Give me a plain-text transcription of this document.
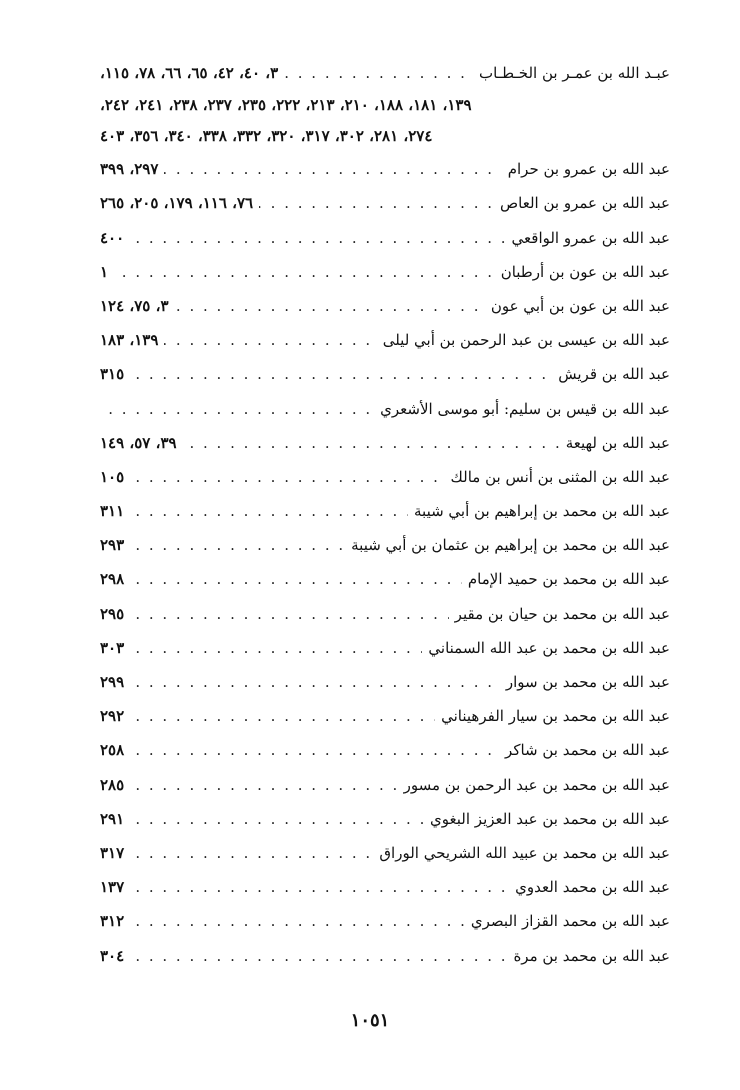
. . .
عبـد الله بن عمـر بن الخـطـاب
٣، ٤٠، ٤٢، ٦٥، ٦٦، ٧٨، ١١٥،
١٣٩، ١٨١، ١٨٨، ٢١٠، ٢١٣، ٢٢٢، ٢٣٥، ٢٣٧، ٢٣٨، ٢٤١، ٢٤٢،
٢٧٤، ٢٨١، ٣٠٢، ٣١٧، ٣٢٠، ٣٣٢، ٣٣٨، ٣٤٠، ٣٥٦، ٤٠٣
. . .
عبد الله بن عمرو بن حرام
٢٩٧، ٣٩٩
. . .
عبد الله بن عمرو بن العاص
٧٦، ١١٦، ١٧٩، ٢٠٥، ٢٦٥
. . .
عبد الله بن عمرو الواقعي
٤٠٠
. . .
عبد الله بن عون بن أرطبان
١
. . .
عبد الله بن عون بن أبي عون
٣، ٧٥، ١٢٤
. . .
عبد الله بن عيسى بن عبد الرحمن بن أبي ليلى
١٣٩، ١٨٣
. . .
عبد الله بن قريش
٣١٥
. . .
عبد الله بن قيس بن سليم: أبو موسى الأشعري
. . .
عبد الله بن لهيعة
٣٩، ٥٧، ١٤٩
. . .
عبد الله بن المثنى بن أنس بن مالك
١٠٥
. . .
عبد الله بن محمد بن إبراهيم بن أبي شيبة
٣١١
. . .
عبد الله بن محمد بن إبراهيم بن عثمان بن أبي شيبة
٢٩٣
. . .
عبد الله بن محمد بن حميد الإمام
٢٩٨
. . .
عبد الله بن محمد بن حيان بن مقير
٢٩٥
. . .
عبد الله بن محمد بن عبد الله السمناني
٣٠٣
. . .
عبد الله بن محمد بن سوار
٢٩٩
. . .
عبد الله بن محمد بن سيار الفرهيناني
٢٩٢
. . .
عبد الله بن محمد بن شاكر
٢٥٨
. . .
عبد الله بن محمد بن عبد الرحمن بن مسور
٢٨٥
. . .
عبد الله بن محمد بن عبد العزيز البغوي
٢٩١
. . .
عبد الله بن محمد بن عبيد الله الشريحي الوراق
٣١٧
. . .
عبد الله بن محمد العدوي
١٣٧
. . .
عبد الله بن محمد القزاز البصري
٣١٢
. . .
عبد الله بن محمد بن مرة
٣٠٤
١٠٥١
